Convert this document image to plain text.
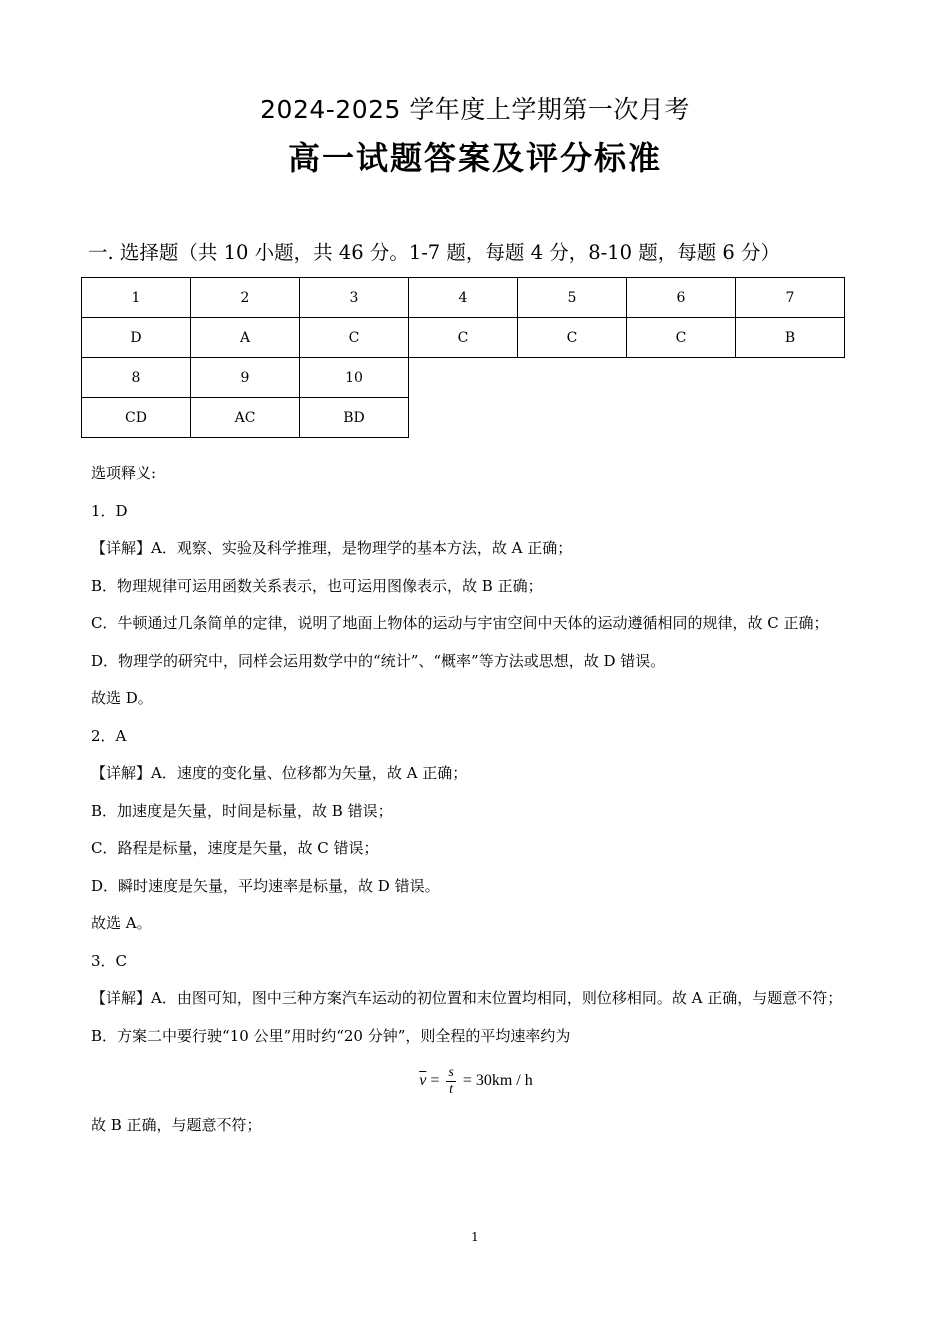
2024-2025 学年度上学期第一次月考
高一试题答案及评分标准
一. 选择题（共 10 小题，共 46 分。1-7 题，每题 4 分，8-10 题，每题 6 分）
1	2	3	4	5	6	7
D	A	C	C	C	C	B
8	9	10				
CD	AC	BD				

选项释义:

1．D

【详解】A．观察、实验及科学推理，是物理学的基本方法，故 A 正确；

B．物理规律可运用函数关系表示，也可运用图像表示，故 B 正确；

C．牛顿通过几条简单的定律，说明了地面上物体的运动与宇宙空间中天体的运动遵循相同的规律，故 C 正确；

D．物理学的研究中，同样会运用数学中的“统计”、“概率”等方法或思想，故 D 错误。

故选 D。

2．A

【详解】A．速度的变化量、位移都为矢量，故 A 正确；

B．加速度是矢量，时间是标量，故 B 错误；

C．路程是标量，速度是矢量，故 C 错误；

D．瞬时速度是矢量，平均速率是标量，故 D 错误。

故选 A。

3．C

【详解】A．由图可知，图中三种方案汽车运动的初位置和末位置均相同，则位移相同。故 A 正确，与题意不符；

B．方案二中要行驶“10 公里”用时约“20 分钟”，则全程的平均速率约为

$\overline{v} = \frac{s}{t} = 30km / h$

故 B 正确，与题意不符；

1
